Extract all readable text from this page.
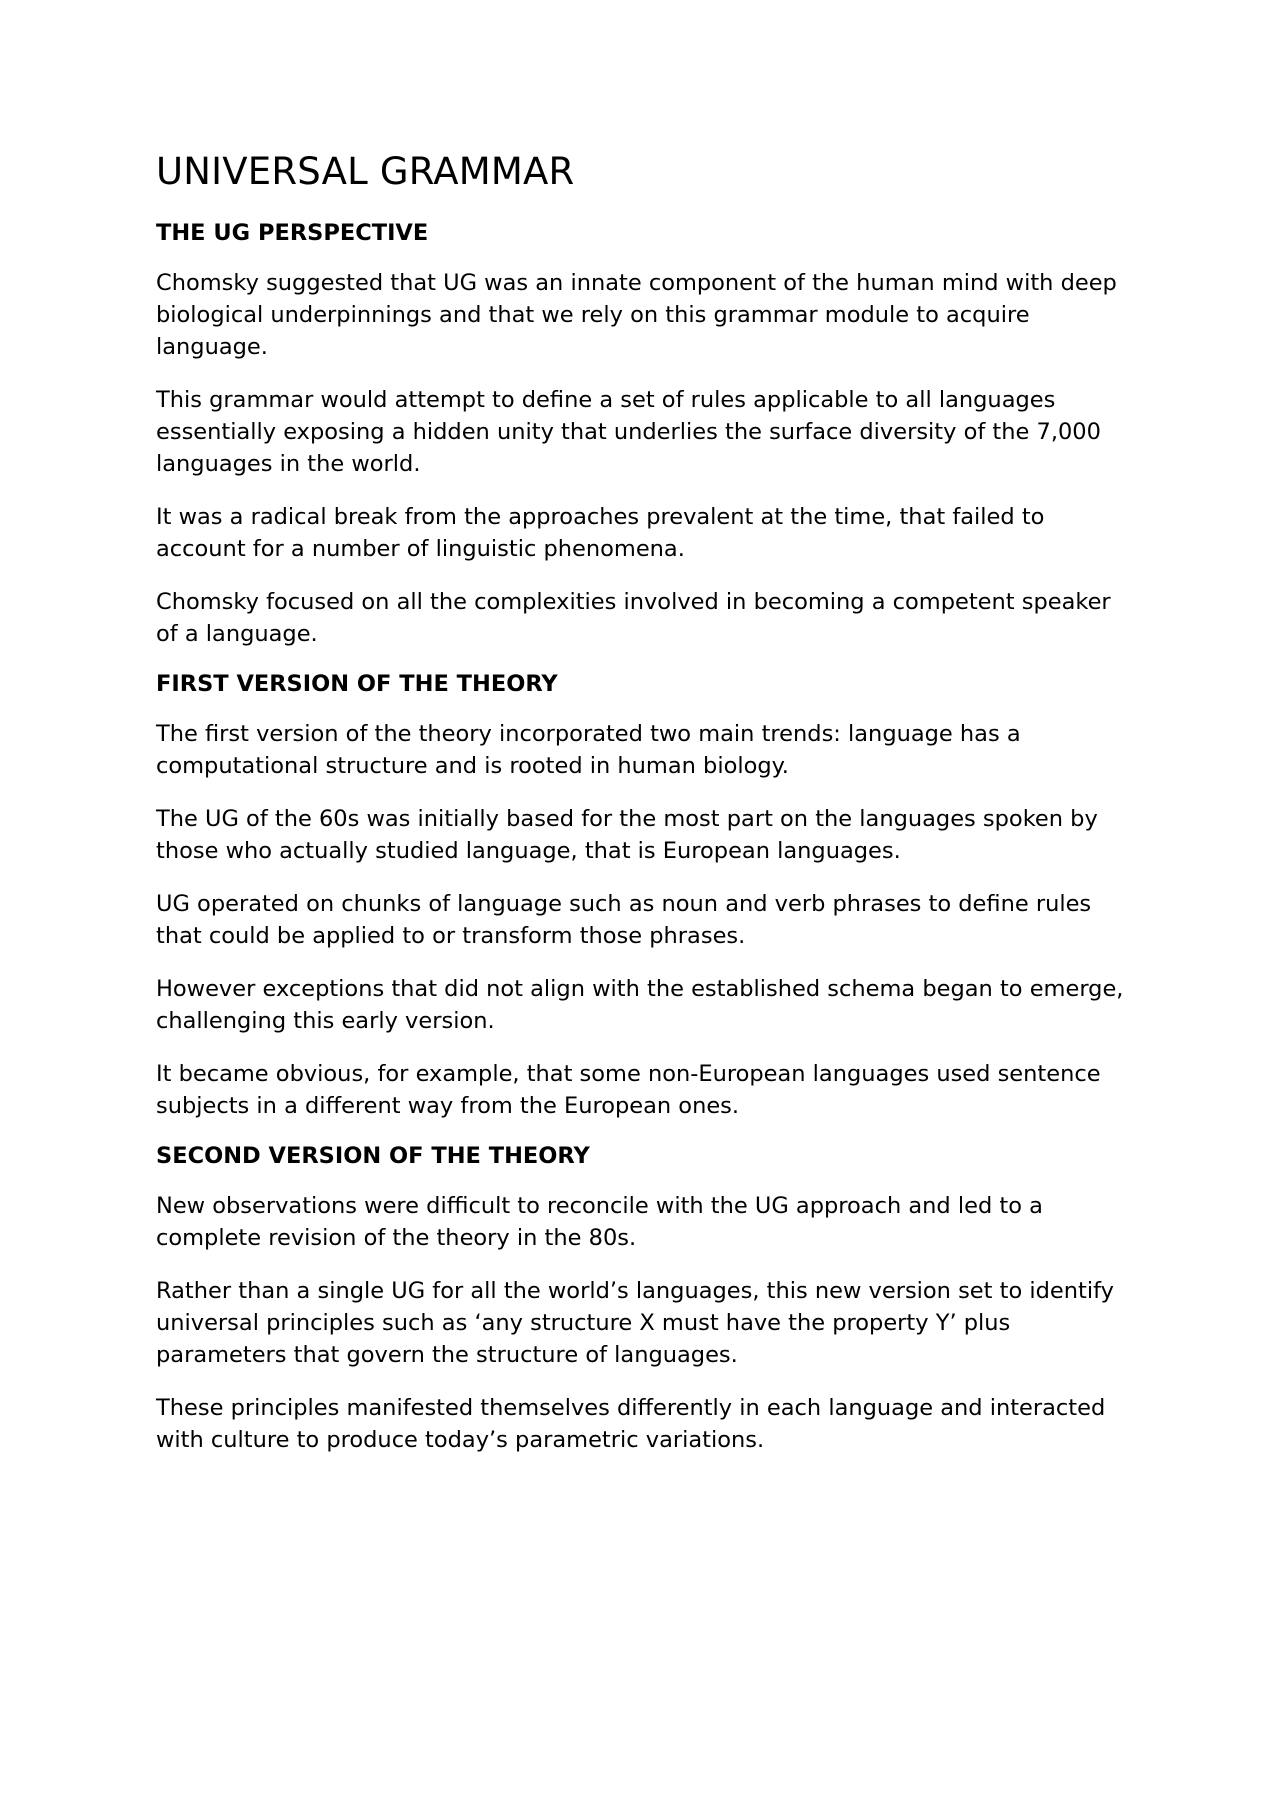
UNIVERSAL GRAMMAR
THE UG PERSPECTIVE

Chomsky suggested that UG was an innate component of the human mind with deep biological underpinnings and that we rely on this grammar module to acquire language.

This grammar would attempt to define a set of rules applicable to all languages essentially exposing a hidden unity that underlies the surface diversity of the 7,000 languages in the world.

It was a radical break from the approaches prevalent at the time, that failed to account for a number of linguistic phenomena.

Chomsky focused on all the complexities involved in becoming a competent speaker of a language.

FIRST VERSION OF THE THEORY

The first version of the theory incorporated two main trends: language has a computational structure and is rooted in human biology.

The UG of the 60s was initially based for the most part on the languages spoken by those who actually studied language, that is European languages.

UG operated on chunks of language such as noun and verb phrases to define rules that could be applied to or transform those phrases.

However exceptions that did not align with the established schema began to emerge, challenging this early version.

It became obvious, for example, that some non-European languages used sentence subjects in a different way from the European ones.

SECOND VERSION OF THE THEORY

New observations were difficult to reconcile with the UG approach and led to a complete revision of the theory in the 80s.

Rather than a single UG for all the world’s languages, this new version set to identify universal principles such as ‘any structure X must have the property Y’ plus parameters that govern the structure of languages.

These principles manifested themselves differently in each language and interacted with culture to produce today’s parametric variations.
